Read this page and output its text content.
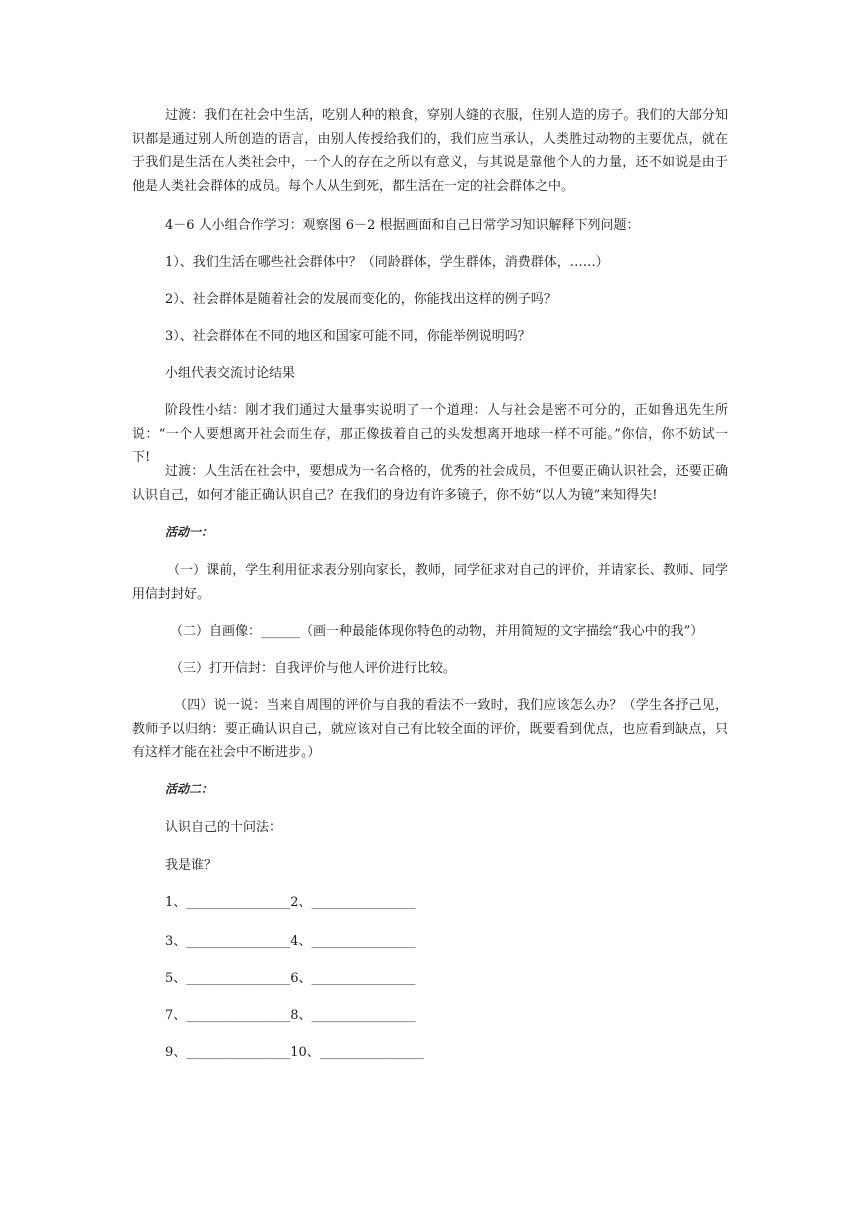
过渡：我们在社会中生活，吃别人种的粮食，穿别人缝的衣服，住别人造的房子。我们的大部分知识都是通过别人所创造的语言，由别人传授给我们的，我们应当承认，人类胜过动物的主要优点，就在于我们是生活在人类社会中，一个人的存在之所以有意义，与其说是靠他个人的力量，还不如说是由于他是人类社会群体的成员。每个人从生到死，都生活在一定的社会群体之中。

4－6 人小组合作学习：观察图 6－2 根据画面和自己日常学习知识解释下列问题：

1）、我们生活在哪些社会群体中？（同龄群体，学生群体，消费群体，……）

2）、社会群体是随着社会的发展而变化的，你能找出这样的例子吗？

3）、社会群体在不同的地区和国家可能不同，你能举例说明吗？

小组代表交流讨论结果

阶段性小结：刚才我们通过大量事实说明了一个道理：人与社会是密不可分的，正如鲁迅先生所说：“一个人要想离开社会而生存，那正像拔着自己的头发想离开地球一样不可能。”你信，你不妨试一下!

过渡：人生活在社会中，要想成为一名合格的，优秀的社会成员，不但要正确认识社会，还要正确认识自己，如何才能正确认识自己？在我们的身边有许多镜子，你不妨“以人为镜”来知得失!

活动一：

（一）课前，学生利用征求表分别向家长，教师，同学征求对自己的评价，并请家长、教师、同学用信封封好。

（二）自画像：______（画一种最能体现你特色的动物，并用简短的文字描绘“我心中的我”）

（三）打开信封：自我评价与他人评价进行比较。

（四）说一说：当来自周围的评价与自我的看法不一致时，我们应该怎么办？（学生各抒己见，教师予以归纳：要正确认识自己，就应该对自己有比较全面的评价，既要看到优点，也应看到缺点，只有这样才能在社会中不断进步。）

活动二：

认识自己的十问法：

我是谁？

1、________________2、________________

3、________________4、________________

5、________________6、________________

7、________________8、________________

9、________________10、________________
